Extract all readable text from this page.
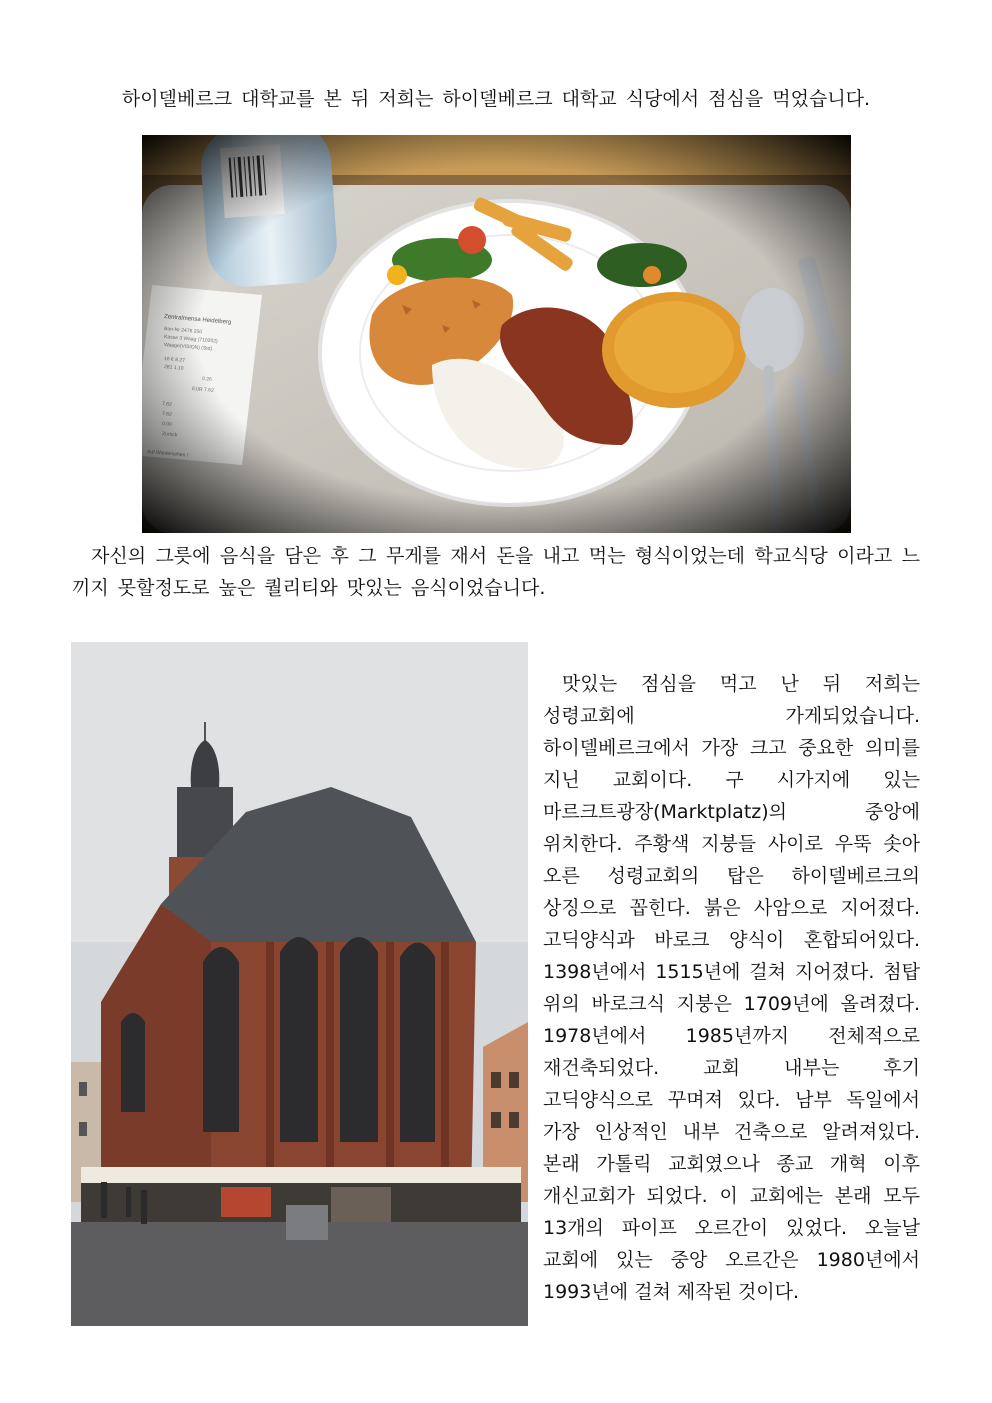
하이델베르크 대학교를 본 뒤 저희는 하이델베르크 대학교 식당에서 점심을 먹었습니다.

자신의 그릇에 음식을 담은 후 그 무게를 재서 돈을 내고 먹는 형식이었는데 학교식당 이라고 느끼지 못할정도로 높은 퀄리티와 맛있는 음식이었습니다.

맛있는 점심을 먹고 난 뒤 저희는 성령교회에 가게되었습니다. 하이델베르크에서 가장 크고 중요한 의미를 지닌 교회이다. 구 시가지에 있는 마르크트광장(Marktplatz)의 중앙에 위치한다. 주황색 지붕들 사이로 우뚝 솟아 오른 성령교회의 탑은 하이델베르크의 상징으로 꼽힌다. 붉은 사암으로 지어졌다. 고딕양식과 바로크 양식이 혼합되어있다. 1398년에서 1515년에 걸쳐 지어졌다. 첨탑 위의 바로크식 지붕은 1709년에 올려졌다. 1978년에서 1985년까지 전체적으로 재건축되었다. 교회 내부는 후기 고딕양식으로 꾸며져 있다. 남부 독일에서 가장 인상적인 내부 건축으로 알려져있다. 본래 가톨릭 교회였으나 종교 개혁 이후 개신교회가 되었다. 이 교회에는 본래 모두 13개의 파이프 오르간이 있었다. 오늘날 교회에 있는 중앙 오르간은 1980년에서 1993년에 걸쳐 제작된 것이다.
